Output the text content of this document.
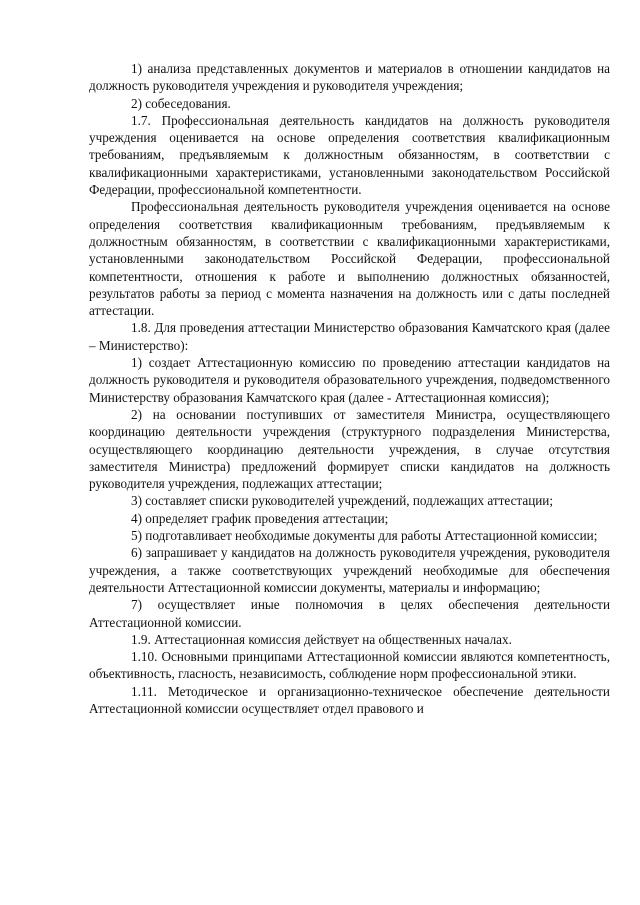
1) анализа представленных документов и материалов в отношении кандидатов на должность руководителя учреждения и руководителя учреждения;

2) собеседования.

1.7. Профессиональная деятельность кандидатов на должность руководителя учреждения оценивается на основе определения соответствия квалификационным требованиям, предъявляемым к должностным обязанностям, в соответствии с квалификационными характеристиками, установленными законодательством Российской Федерации, профессиональной компетентности.

Профессиональная деятельность руководителя учреждения оценивается на основе определения соответствия квалификационным требованиям, предъявляемым к должностным обязанностям, в соответствии с квалификационными характеристиками, установленными законодательством Российской Федерации, профессиональной компетентности, отношения к работе и выполнению должностных обязанностей, результатов работы за период с момента назначения на должность или с даты последней аттестации.

1.8. Для проведения аттестации Министерство образования Камчатского края (далее – Министерство):

1) создает Аттестационную комиссию по проведению аттестации кандидатов на должность руководителя и руководителя образовательного учреждения, подведомственного Министерству образования Камчатского края (далее - Аттестационная комиссия);

2) на основании поступивших от заместителя Министра, осуществляющего координацию деятельности учреждения (структурного подразделения Министерства, осуществляющего координацию деятельности учреждения, в случае отсутствия заместителя Министра) предложений формирует списки кандидатов на должность руководителя учреждения, подлежащих аттестации;

3) составляет списки руководителей учреждений, подлежащих аттестации;

4) определяет график проведения аттестации;

5) подготавливает необходимые документы для работы Аттестационной комиссии;

6) запрашивает у кандидатов на должность руководителя учреждения, руководителя учреждения, а также соответствующих учреждений необходимые для обеспечения деятельности Аттестационной комиссии документы, материалы и информацию;

7) осуществляет иные полномочия в целях обеспечения деятельности Аттестационной комиссии.

1.9. Аттестационная комиссия действует на общественных началах.

1.10. Основными принципами Аттестационной комиссии являются компетентность, объективность, гласность, независимость, соблюдение норм профессиональной этики.

1.11. Методическое и организационно-техническое обеспечение деятельности Аттестационной комиссии осуществляет отдел правового и
